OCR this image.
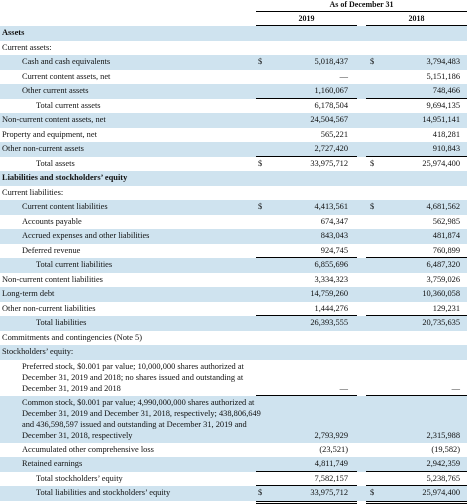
As of December 31
2019	2018
Assets
Current assets:
Cash and cash equivalents	$	5,018,437	$	3,794,483
Current content assets, net	—	5,151,186
Other current assets	1,160,067	748,466
Total current assets	6,178,504	9,694,135
Non-current content assets, net	24,504,567	14,951,141
Property and equipment, net	565,221	418,281
Other non-current assets	2,727,420	910,843
Total assets	$	33,975,712	$	25,974,400
Liabilities and stockholders’ equity
Current liabilities:
Current content liabilities	$	4,413,561	$	4,681,562
Accounts payable	674,347	562,985
Accrued expenses and other liabilities	843,043	481,874
Deferred revenue	924,745	760,899
Total current liabilities	6,855,696	6,487,320
Non-current content liabilities	3,334,323	3,759,026
Long-term debt	14,759,260	10,360,058
Other non-current liabilities	1,444,276	129,231
Total liabilities	26,393,555	20,735,635
Commitments and contingencies (Note 5)
Stockholders’ equity:
Preferred stock, $0.001 par value; 10,000,000 shares authorized at December 31, 2019 and 2018; no shares issued and outstanding at December 31, 2019 and 2018	—	—
Common stock, $0.001 par value; 4,990,000,000 shares authorized at December 31, 2019 and December 31, 2018, respectively; 438,806,649 and 436,598,597 issued and outstanding at December 31, 2019 and December 31, 2018, respectively	2,793,929	2,315,988
Accumulated other comprehensive loss	(23,521)	(19,582)
Retained earnings	4,811,749	2,942,359
Total stockholders’ equity	7,582,157	5,238,765
Total liabilities and stockholders’ equity	$	33,975,712	$	25,974,400
